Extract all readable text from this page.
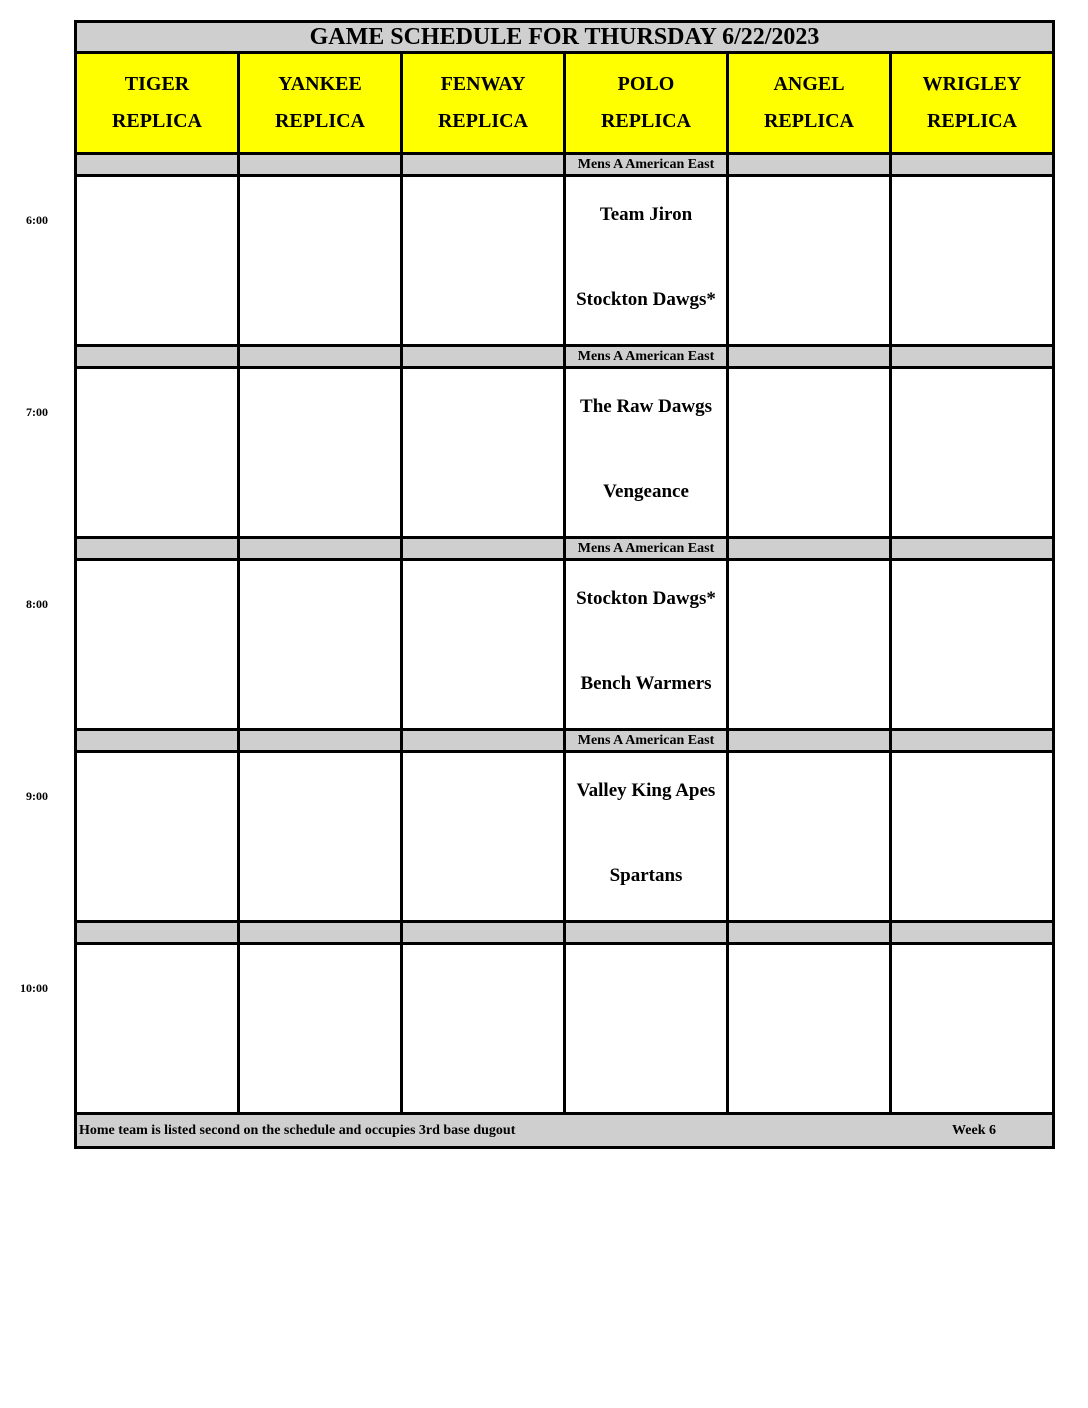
GAME SCHEDULE FOR THURSDAY 6/22/2023
TIGER
REPLICA
YANKEE
REPLICA
FENWAY
REPLICA
POLO
REPLICA
ANGEL
REPLICA
WRIGLEY
REPLICA
Mens A American East
Team Jiron
Stockton Dawgs*
6:00
Mens A American East
The Raw Dawgs
Vengeance
7:00
Mens A American East
Stockton Dawgs*
Bench Warmers
8:00
Mens A American East
Valley King Apes
Spartans
9:00
10:00
Home team is listed second on the schedule and occupies 3rd base dugout	Week 6
